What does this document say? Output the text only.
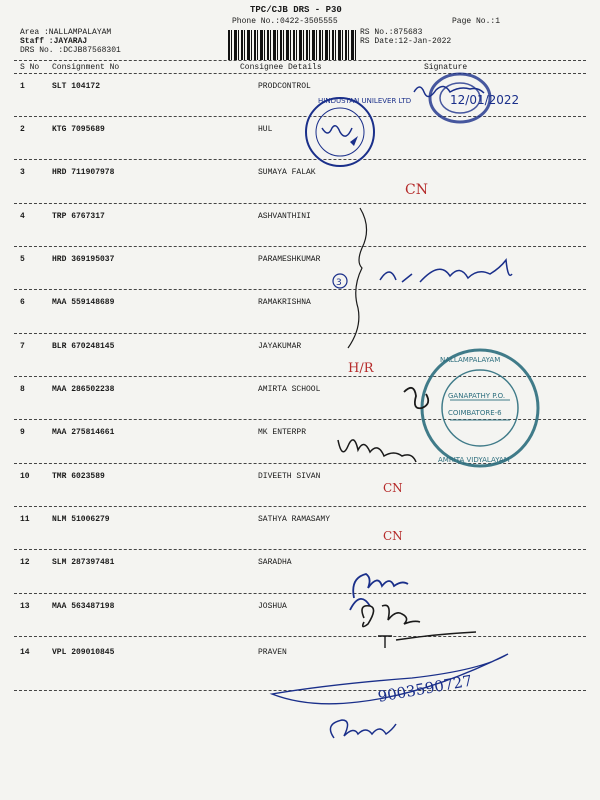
TPC/CJB DRS - P30
Phone No.:0422-3505555	Page No.:1
Area :NALLAMPALAYAM
Staff :JAYARAJ
DRS No. :DCJB87568301
RS No.:875683
RS Date:12-Jan-2022
S No Consignment No	Consignee Details	Signature
1	SLT 104172	PRODCONTROL
2	KTG 7095689	HUL
3	HRD 711907978	SUMAYA FALAK
4	TRP 6767317	ASHVANTHINI
5	HRD 369195037	PARAMESHKUMAR
6	MAA 559148689	RAMAKRISHNA
7	BLR 670248145	JAYAKUMAR
8	MAA 286502238	AMIRTA SCHOOL
9	MAA 275814661	MK ENTERPR
10	TMR 6023589	DIVEETH SIVAN
11	NLM 51006279	SATHYA RAMASAMY
12	SLM 287397481	SARADHA
13	MAA 563487198	JOSHUA
14	VPL 209010845	PRAVEN
12/01/2022
HINDUSTAN UNILEVER LTD
CN
CN
CN
H/R
3
NALLAMPALAYAM
GANAPATHY P.O.
COIMBATORE-6
AMRITA VIDYALAYAM
9003590727
